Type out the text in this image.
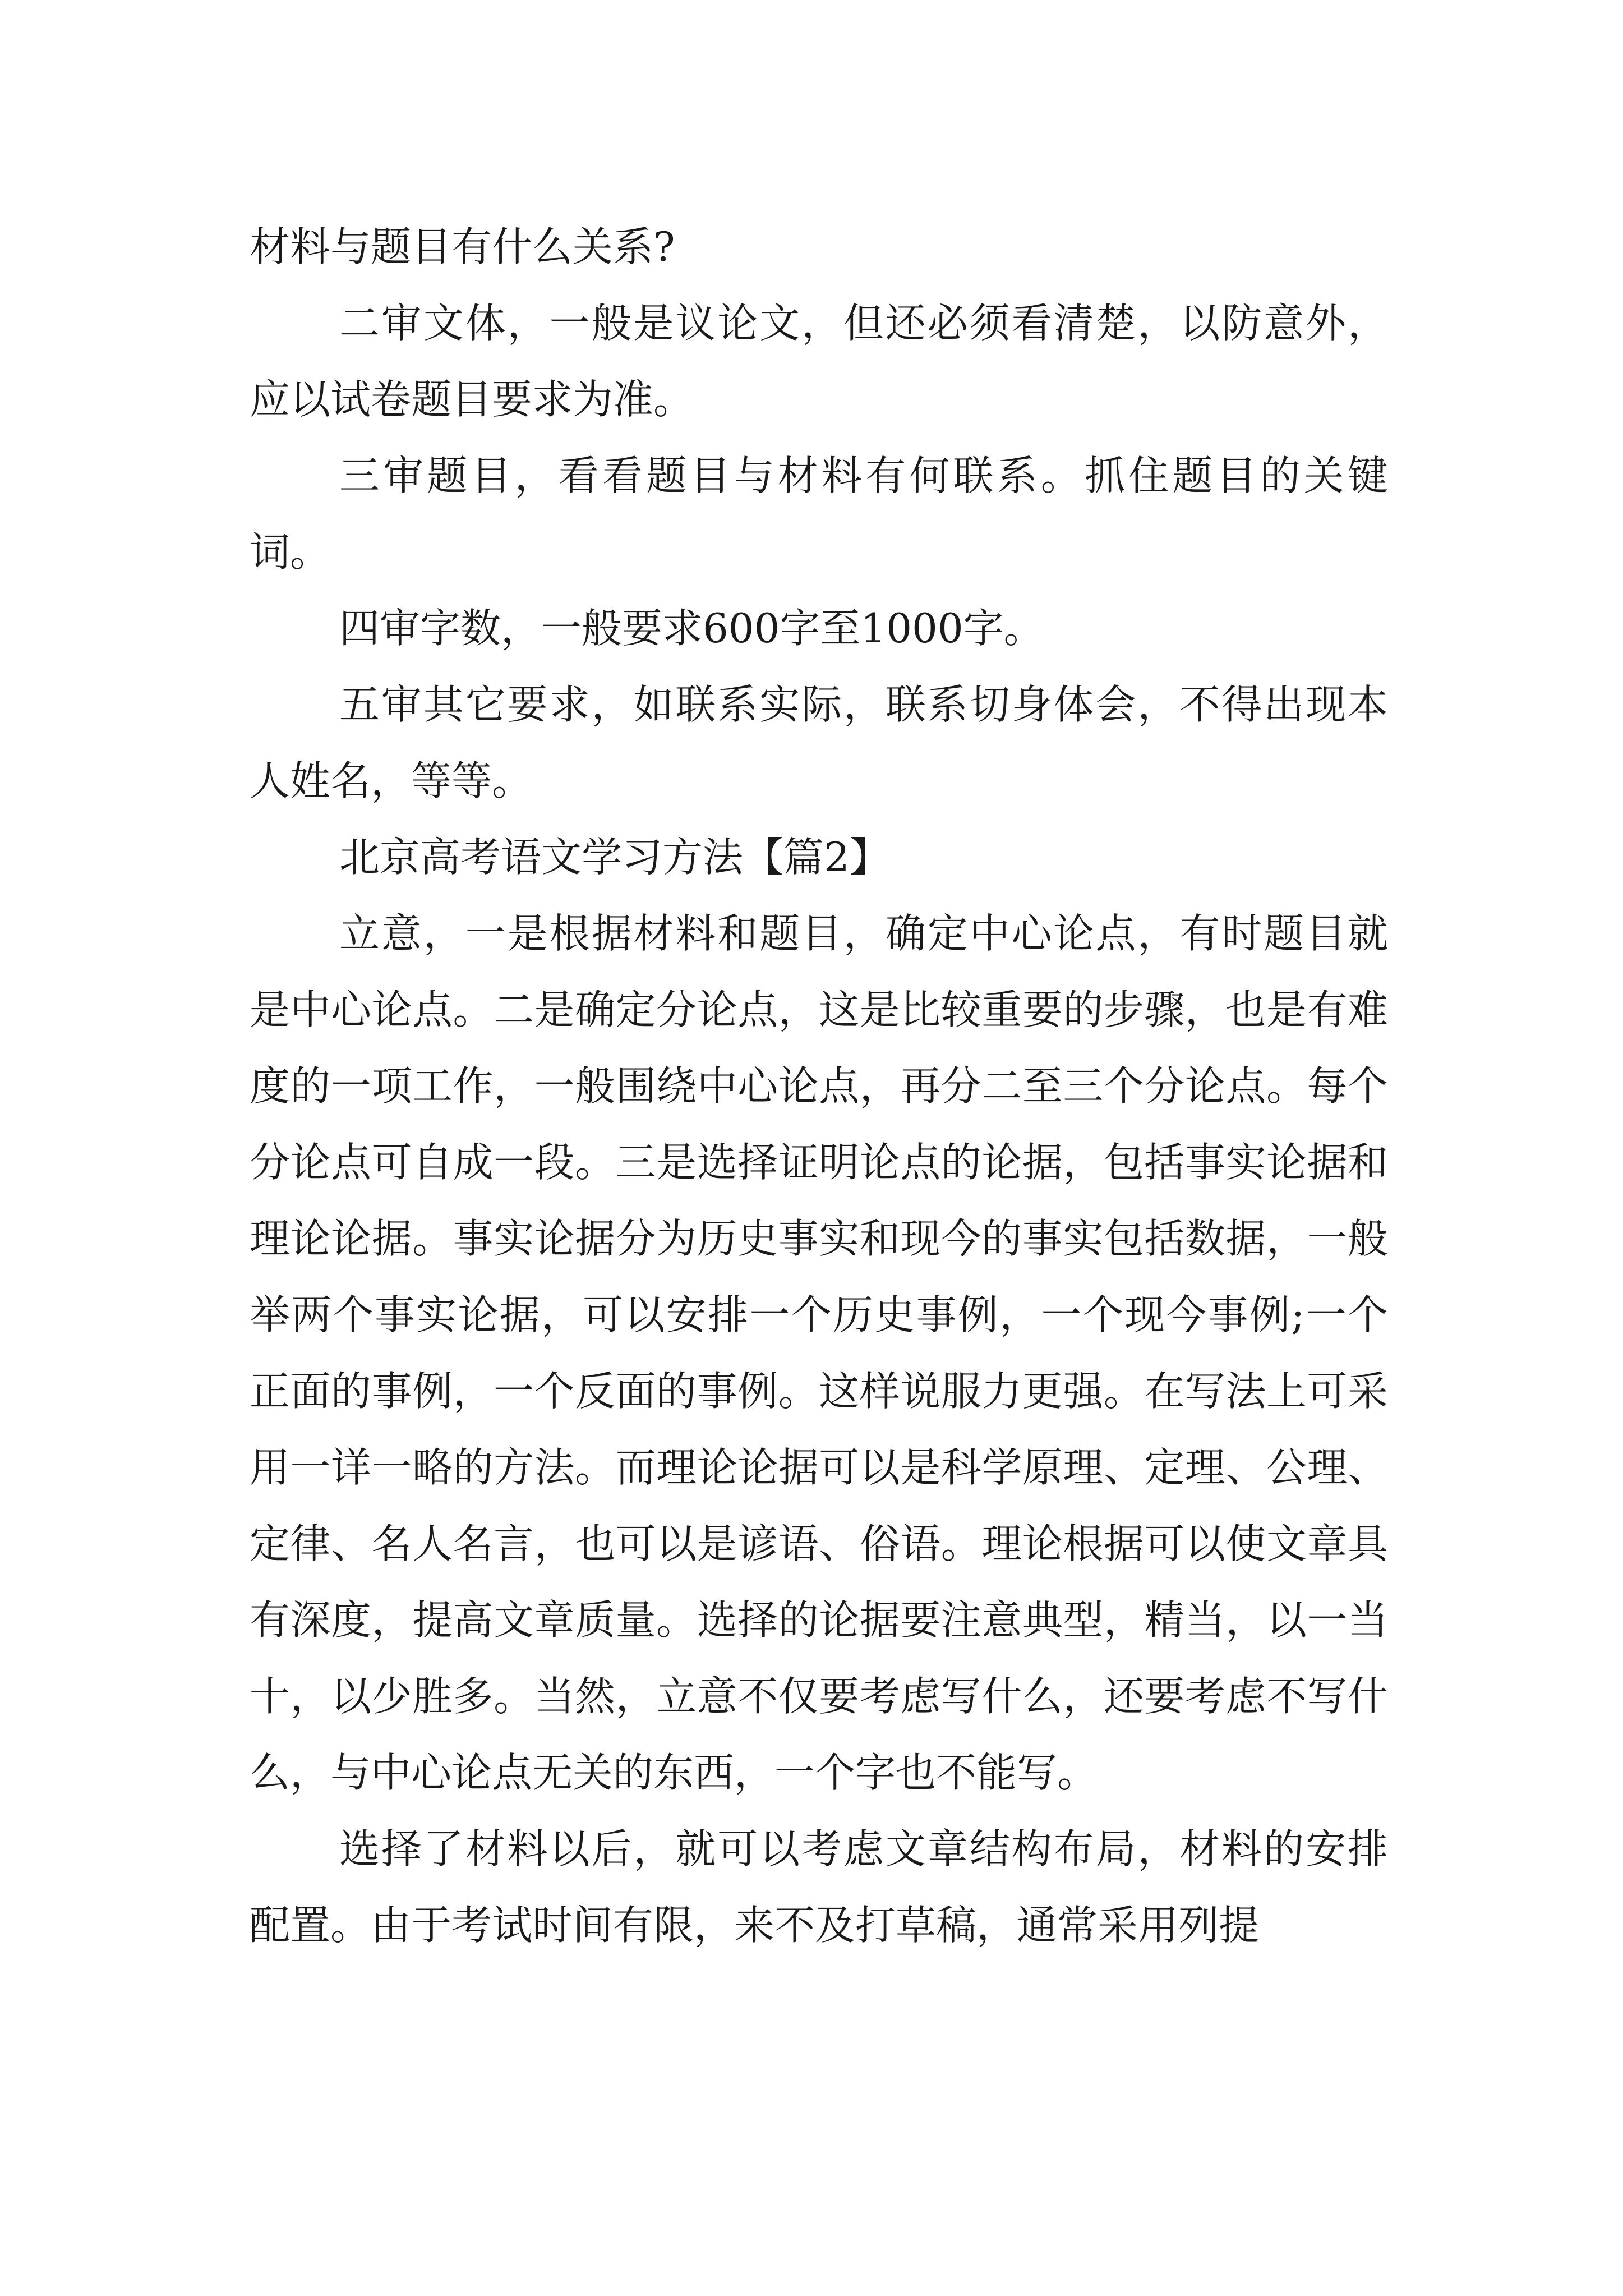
材料与题目有什么关系?

二审文体，一般是议论文，但还必须看清楚，以防意外，应以试卷题目要求为准。

三审题目，看看题目与材料有何联系。抓住题目的关键词。

四审字数，一般要求600字至1000字。

五审其它要求，如联系实际，联系切身体会，不得出现本人姓名，等等。

北京高考语文学习方法【篇2】

立意，一是根据材料和题目，确定中心论点，有时题目就是中心论点。二是确定分论点，这是比较重要的步骤，也是有难度的一项工作，一般围绕中心论点，再分二至三个分论点。每个分论点可自成一段。三是选择证明论点的论据，包括事实论据和理论论据。事实论据分为历史事实和现今的事实包括数据，一般举两个事实论据，可以安排一个历史事例，一个现今事例;一个正面的事例，一个反面的事例。这样说服力更强。在写法上可采用一详一略的方法。而理论论据可以是科学原理、定理、公理、定律、名人名言，也可以是谚语、俗语。理论根据可以使文章具有深度，提高文章质量。选择的论据要注意典型，精当，以一当十，以少胜多。当然，立意不仅要考虑写什么，还要考虑不写什么，与中心论点无关的东西，一个字也不能写。

选择了材料以后，就可以考虑文章结构布局，材料的安排配置。由于考试时间有限，来不及打草稿，通常采用列提
